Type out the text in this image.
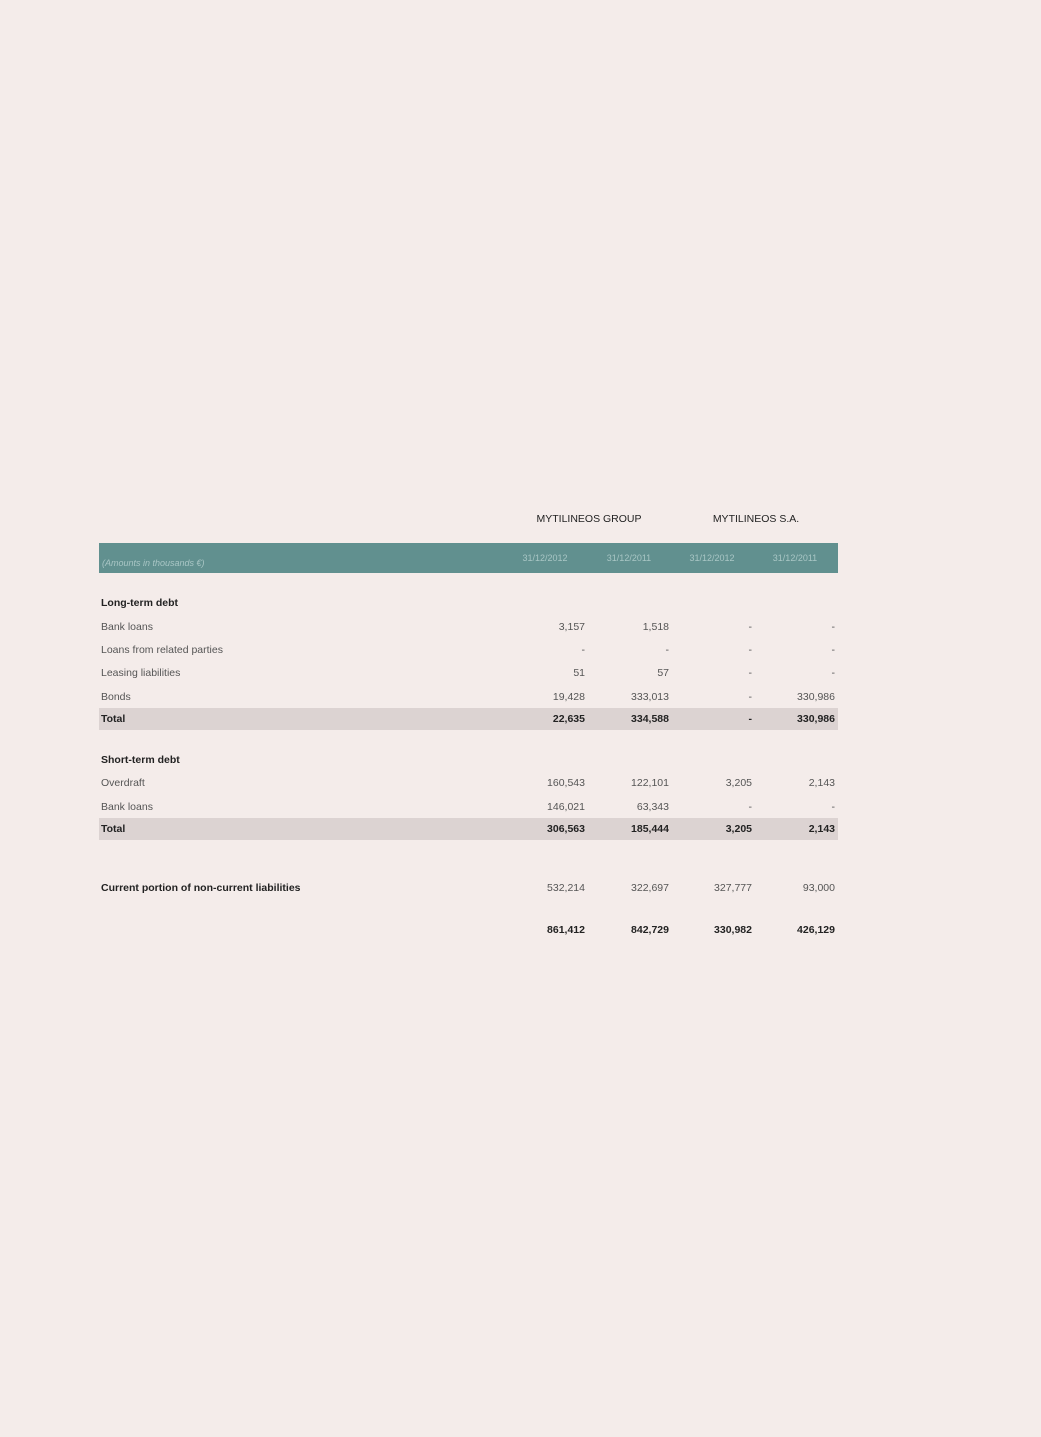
MYTILINEOS GROUP	MYTILINEOS S.A.
(Amounts in thousands €)	31/12/2012	31/12/2011	31/12/2012	31/12/2011
Long-term debt
Bank loans	3,157	1,518	-	-
Loans from related parties	-	-	-	-
Leasing liabilities	51	57	-	-
Bonds	19,428	333,013	-	330,986
Total	22,635	334,588	-	330,986
Short-term debt
Overdraft	160,543	122,101	3,205	2,143
Bank loans	146,021	63,343	-	-
Total	306,563	185,444	3,205	2,143
Current portion of non-current liabilities	532,214	322,697	327,777	93,000
861,412	842,729	330,982	426,129
